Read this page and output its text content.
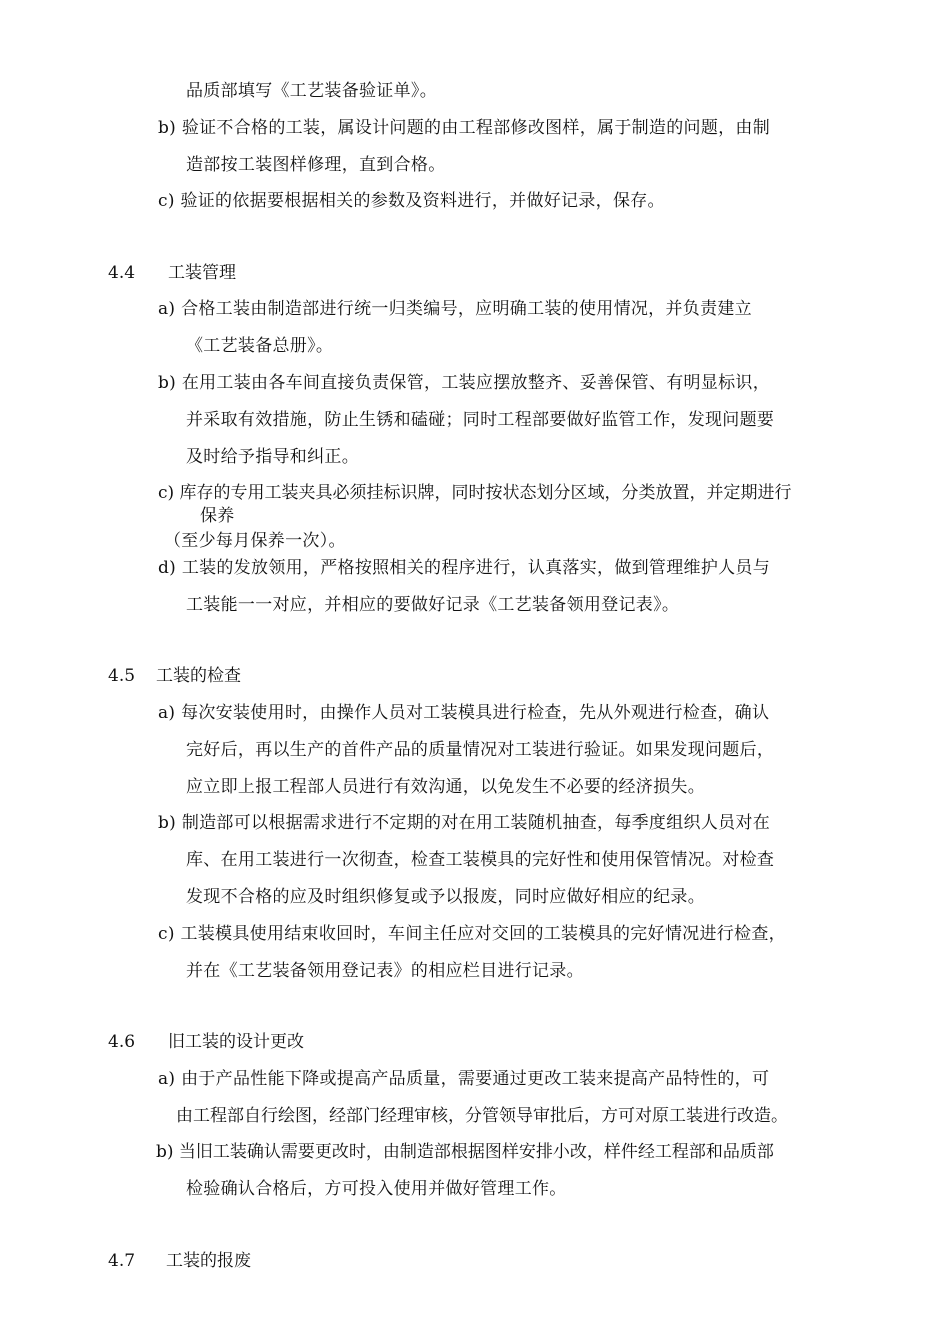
品质部填写《工艺装备验证单》。
b) 验证不合格的工装，属设计问题的由工程部修改图样，属于制造的问题，由制
造部按工装图样修理，直到合格。
c) 验证的依据要根据相关的参数及资料进行，并做好记录，保存。
4.4 工装管理
a) 合格工装由制造部进行统一归类编号，应明确工装的使用情况，并负责建立
《工艺装备总册》。
b) 在用工装由各车间直接负责保管，工装应摆放整齐、妥善保管、有明显标识，
并采取有效措施，防止生锈和磕碰；同时工程部要做好监管工作，发现问题要
及时给予指导和纠正。
c) 库存的专用工装夹具必须挂标识牌，同时按状态划分区域，分类放置，并定期进行
保养
（至少每月保养一次）。
d) 工装的发放领用，严格按照相关的程序进行，认真落实，做到管理维护人员与
工装能一一对应，并相应的要做好记录《工艺装备领用登记表》。
4.5 工装的检查
a) 每次安装使用时，由操作人员对工装模具进行检查，先从外观进行检查，确认
完好后，再以生产的首件产品的质量情况对工装进行验证。如果发现问题后，
应立即上报工程部人员进行有效沟通，以免发生不必要的经济损失。
b) 制造部可以根据需求进行不定期的对在用工装随机抽查，每季度组织人员对在
库、在用工装进行一次彻查，检查工装模具的完好性和使用保管情况。对检查
发现不合格的应及时组织修复或予以报废，同时应做好相应的纪录。
c) 工装模具使用结束收回时，车间主任应对交回的工装模具的完好情况进行检查，
并在《工艺装备领用登记表》的相应栏目进行记录。
4.6 旧工装的设计更改
a) 由于产品性能下降或提高产品质量，需要通过更改工装来提高产品特性的，可
由工程部自行绘图，经部门经理审核，分管领导审批后，方可对原工装进行改造。
b) 当旧工装确认需要更改时，由制造部根据图样安排小改，样件经工程部和品质部
检验确认合格后，方可投入使用并做好管理工作。
4.7 工装的报废
